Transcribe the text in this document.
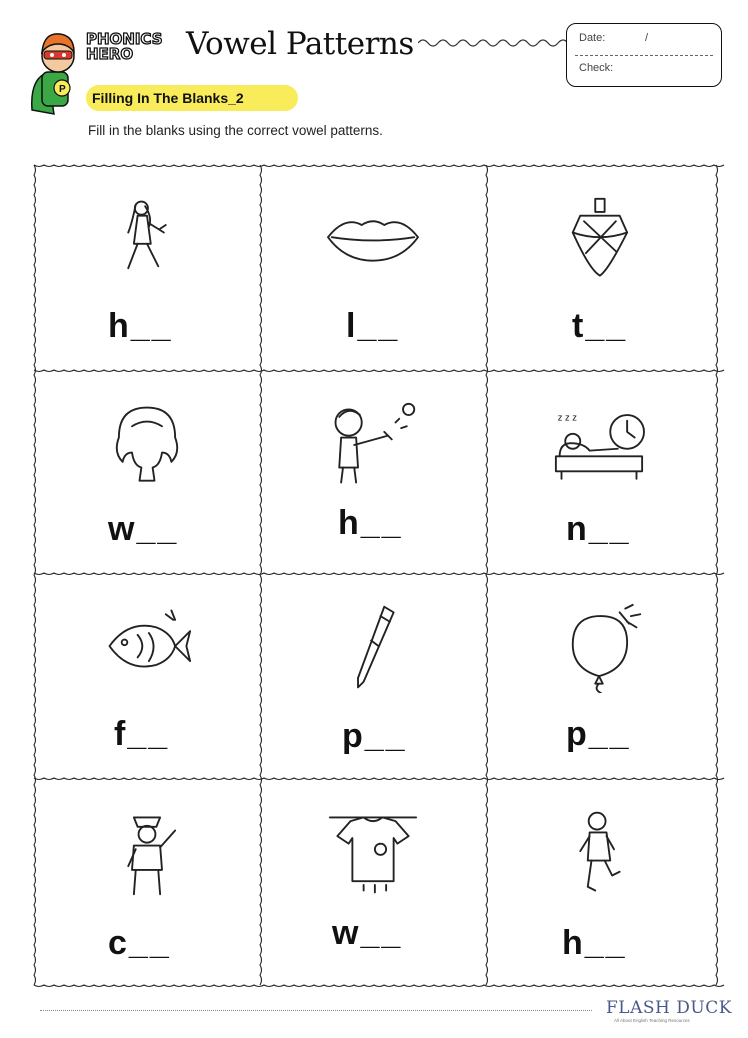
P
PHONICS
HERO Vowel Patterns	Date:	/
Check:
Filling In The Blanks_2
Fill in the blanks using the correct vowel patterns.
h__	l__	t__
w__	h__
z z z
n__
f__	p__	p__
c__	w__	h__
FLASH DUCK
All About English Teaching Resources
